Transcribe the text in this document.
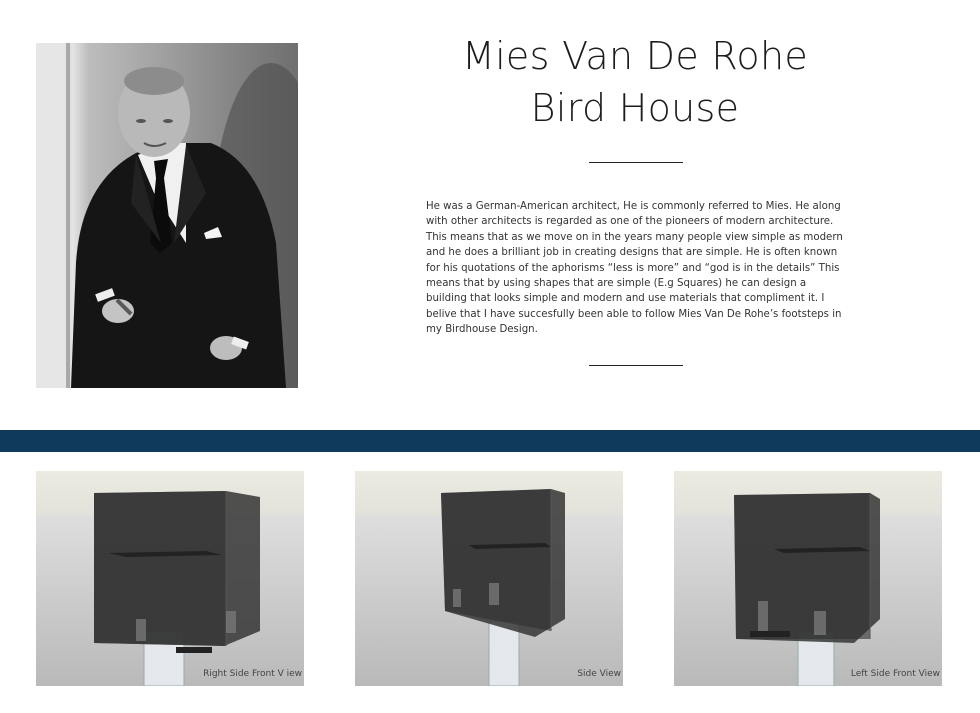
Mies Van De Rohe
Bird House
He was a German-American architect, He is commonly referred to Mies. He along with other architects is regarded as one of the pioneers of modern architecture. This means that as we move on in the years many people view simple as modern and he does a brilliant job in creating designs that are simple. He is often known for his quotations of the aphorisms “less is more” and “god is in the details” This means that by using shapes that are simple (E.g Squares) he can design a building that looks simple and modern and use materials that compliment it. I belive that I have succesfully been able to follow Mies Van De Rohe’s footsteps in my Birdhouse Design.
Right Side Front V iew	Side View	Left Side Front View
